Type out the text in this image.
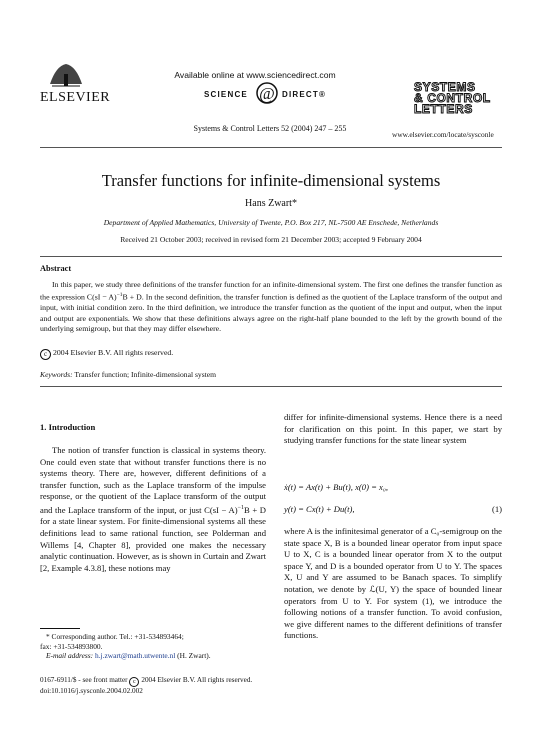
Available online at www.sciencedirect.com
SCIENCE @ DIRECT®
ELSEVIER
Systems & Control Letters 52 (2004) 247 – 255
SYSTEMS
& CONTROL
LETTERS
www.elsevier.com/locate/sysconle
Transfer functions for infinite-dimensional systems
Hans Zwart*
Department of Applied Mathematics, University of Twente, P.O. Box 217, NL-7500 AE Enschede, Netherlands
Received 21 October 2003; received in revised form 21 December 2003; accepted 9 February 2004
Abstract
In this paper, we study three definitions of the transfer function for an infinite-dimensional system. The first one defines the transfer function as the expression C(sI − A)$^{-1}$B + D. In the second definition, the transfer function is defined as the quotient of the Laplace transform of the output and input, with initial condition zero. In the third definition, we introduce the transfer function as the quotient of the input and output, when the input and output are exponentials. We show that these definitions always agree on the right-half plane bounded to the left by the growth bound of the underlying semigroup, but that they may differ elsewhere.
c 2004 Elsevier B.V. All rights reserved.
Keywords: Transfer function; Infinite-dimensional system
1. Introduction
The notion of transfer function is classical in systems theory. One could even state that without transfer functions there is no systems theory. There are, however, different definitions of a transfer function, such as the Laplace transform of the impulse response, or the quotient of the Laplace transform of the output and the Laplace transform of the input, or just C(sI − A)$^{-1}$B + D for a state linear system. For finite-dimensional systems all these definitions lead to same rational function, see Polderman and Willems [4, Chapter 8], provided one makes the necessary analytic continuation. However, as is shown in Curtain and Zwart [2, Example 4.3.8], these notions may
* Corresponding author. Tel.: +31-534893464;
fax: +31-534893800.
E-mail address: h.j.zwart@math.utwente.nl (H. Zwart).
differ for infinite-dimensional systems. Hence there is a need for clarification on this point. In this paper, we start by studying transfer functions for the state linear system
ẋ(t) = Ax(t) + Bu(t), x(0) = x₀,
y(t) = Cx(t) + Du(t),	(1)
where A is the infinitesimal generator of a C₀-semigroup on the state space X, B is a bounded linear operator from input space U to X, C is a bounded linear operator from X to the output space Y, and D is a bounded operator from U to Y. The spaces X, U and Y are assumed to be Banach spaces. To simplify notation, we denote by ℒ(U, Y) the space of bounded linear operators from U to Y. For system (1), we introduce the following notions of a transfer function. To avoid confusion, we give different names to the different definitions of transfer functions.
0167-6911/$ - see front matter c 2004 Elsevier B.V. All rights reserved.
doi:10.1016/j.sysconle.2004.02.002
